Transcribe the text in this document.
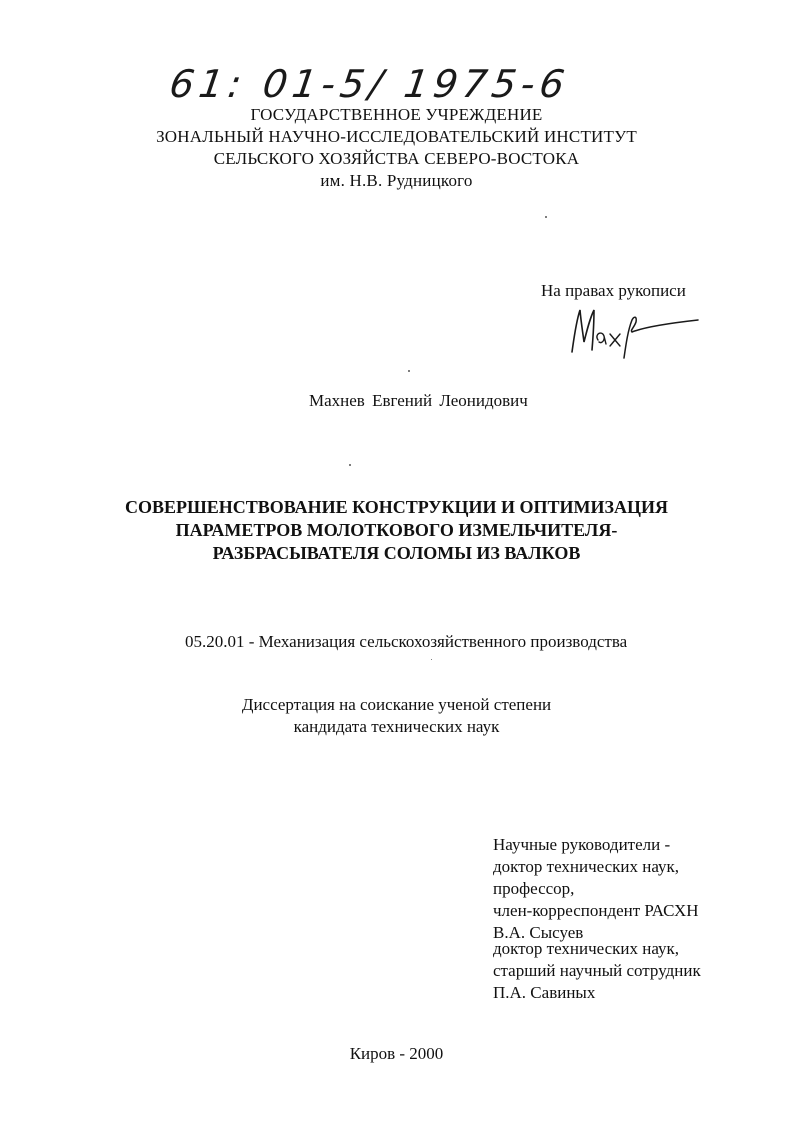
61: 01-5/ 1975-6
ГОСУДАРСТВЕННОЕ УЧРЕЖДЕНИЕ
ЗОНАЛЬНЫЙ НАУЧНО-ИССЛЕДОВАТЕЛЬСКИЙ ИНСТИТУТ
СЕЛЬСКОГО ХОЗЯЙСТВА СЕВЕРО-ВОСТОКА
им. Н.В. Рудницкого
На правах рукописи
Махнев Евгений Леонидович
СОВЕРШЕНСТВОВАНИЕ КОНСТРУКЦИИ И ОПТИМИЗАЦИЯ
ПАРАМЕТРОВ МОЛОТКОВОГО ИЗМЕЛЬЧИТЕЛЯ-
РАЗБРАСЫВАТЕЛЯ СОЛОМЫ ИЗ ВАЛКОВ
05.20.01 - Механизация сельскохозяйственного производства
Диссертация на соискание ученой степени
кандидата технических наук
Научные руководители -
доктор технических наук,
профессор,
член-корреспондент РАСХН
В.А. Сысуев
доктор технических наук,
старший научный сотрудник
П.А. Савиных
Киров - 2000
